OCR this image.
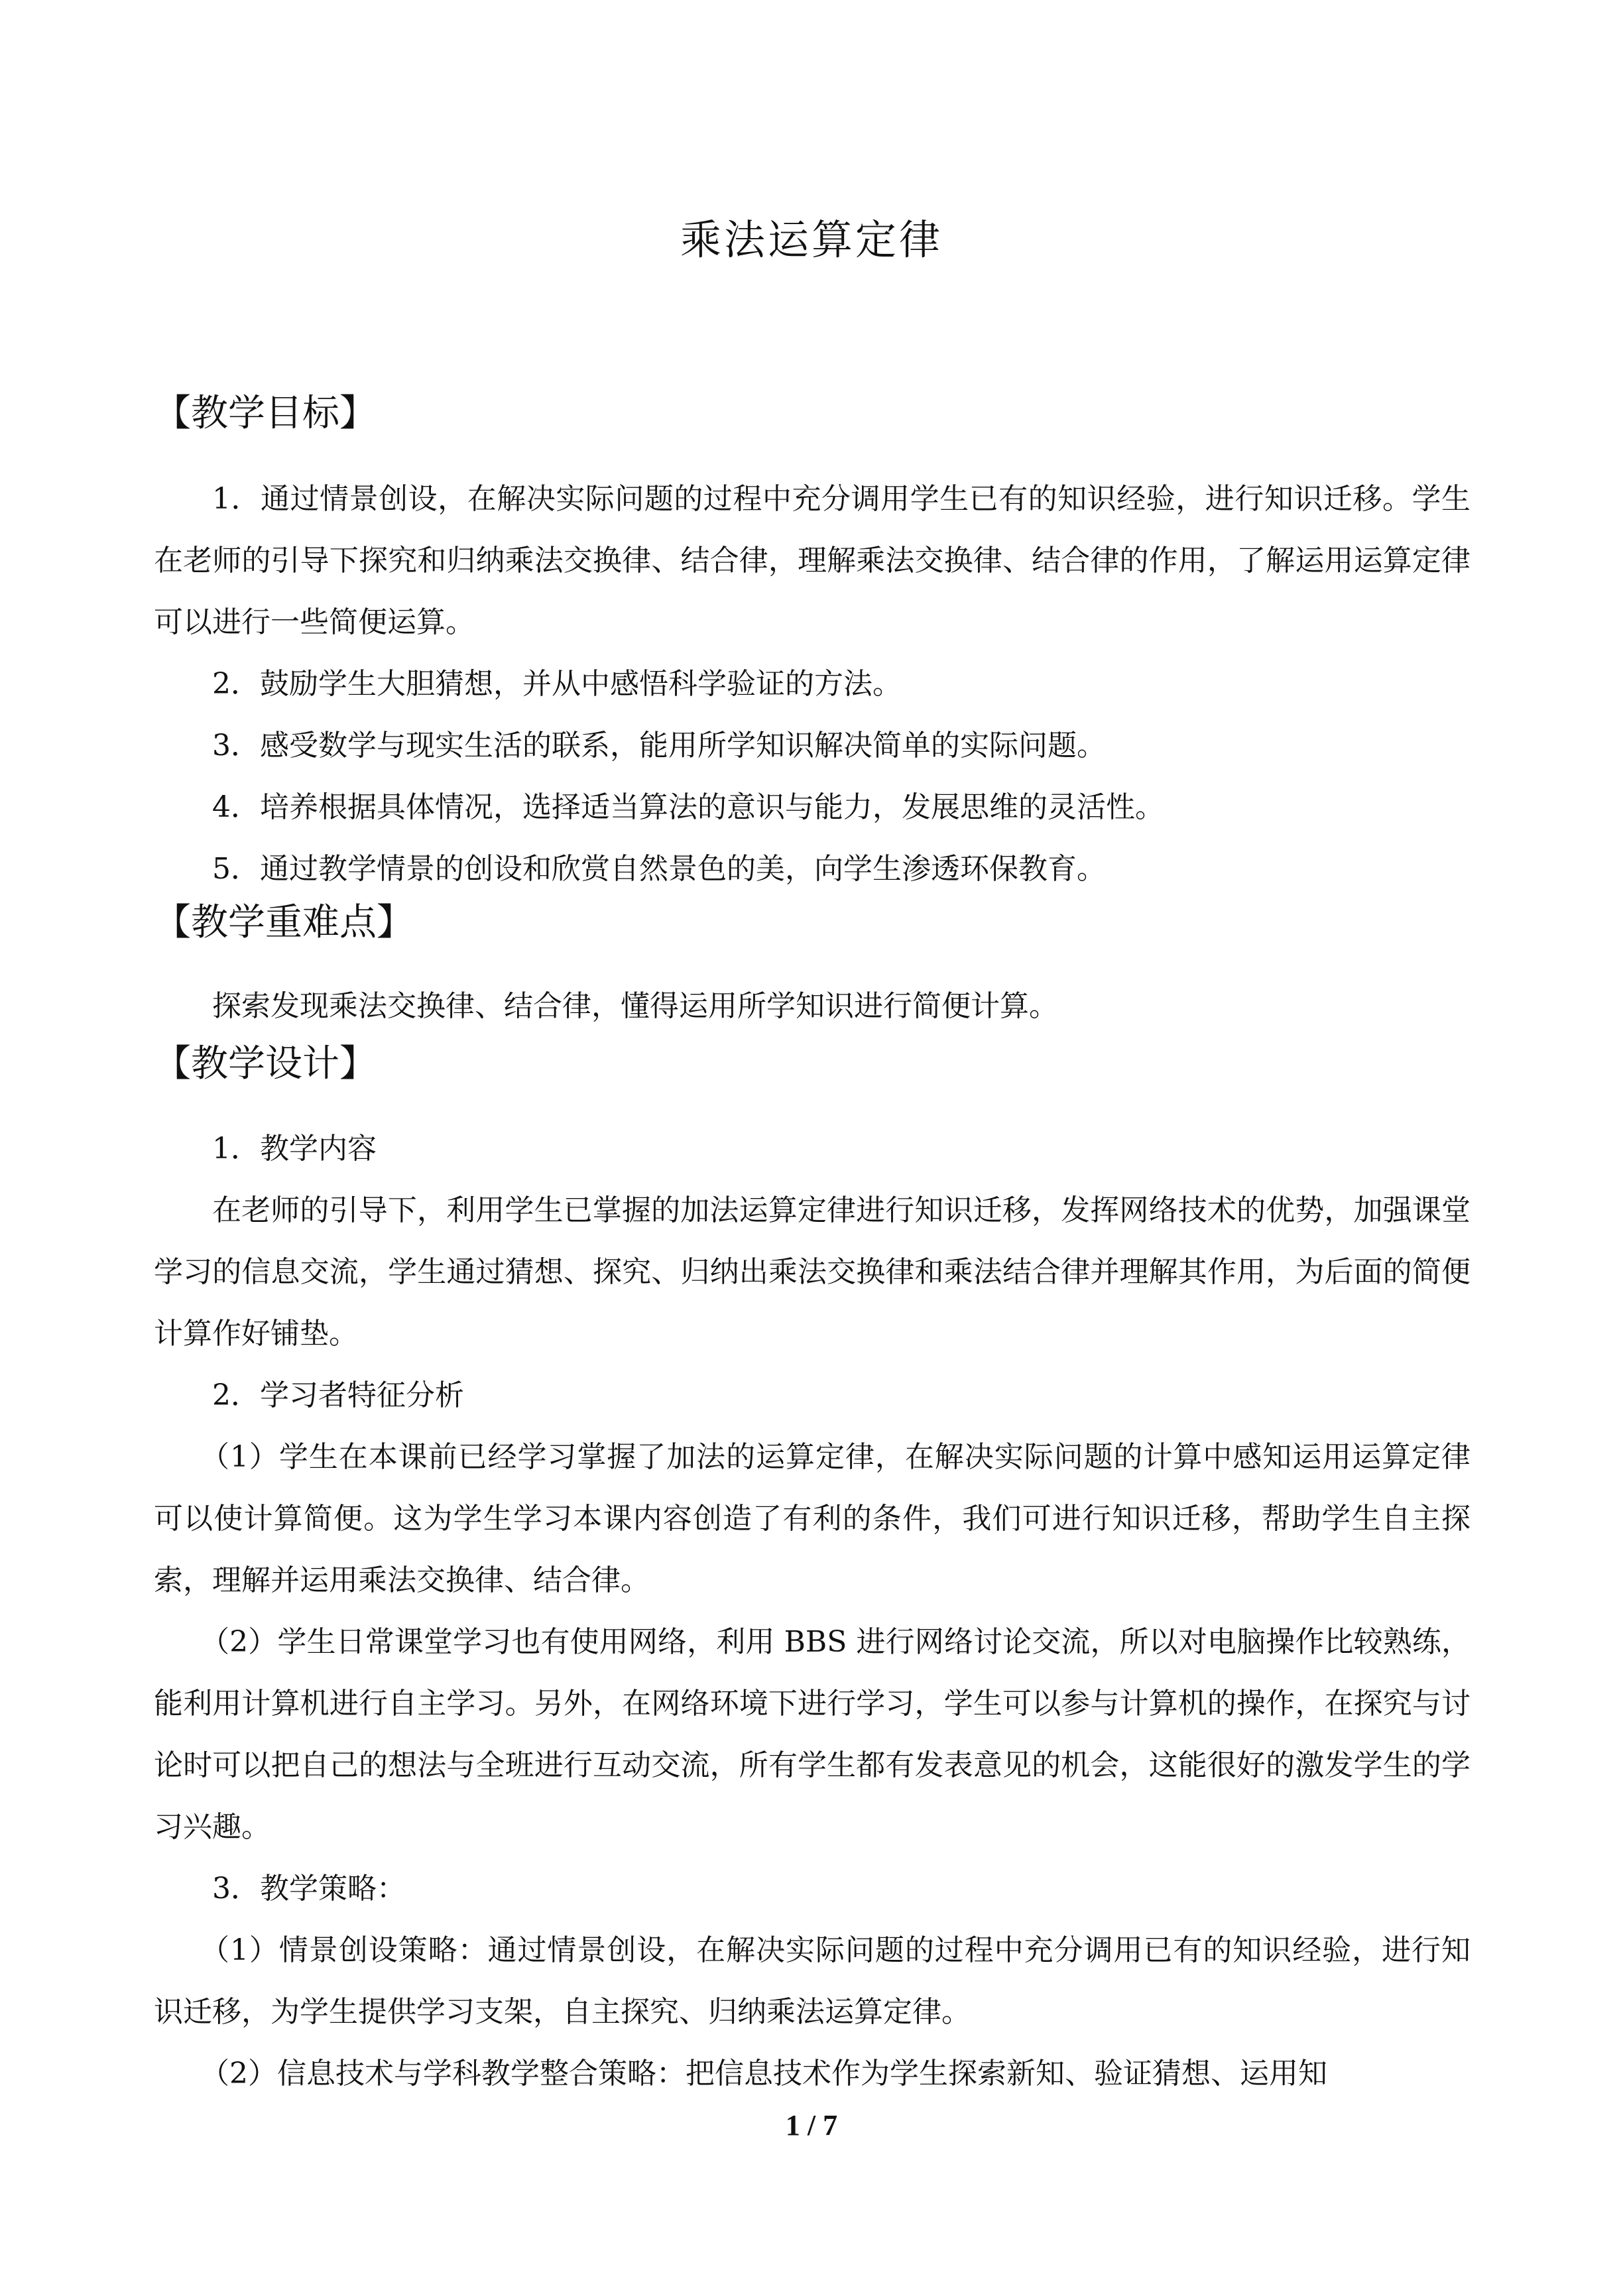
乘法运算定律
【教学目标】

1．通过情景创设，在解决实际问题的过程中充分调用学生已有的知识经验，进行知识迁移。学生在老师的引导下探究和归纳乘法交换律、结合律，理解乘法交换律、结合律的作用，了解运用运算定律可以进行一些简便运算。

2．鼓励学生大胆猜想，并从中感悟科学验证的方法。

3．感受数学与现实生活的联系，能用所学知识解决简单的实际问题。

4．培养根据具体情况，选择适当算法的意识与能力，发展思维的灵活性。

5．通过教学情景的创设和欣赏自然景色的美，向学生渗透环保教育。

【教学重难点】

探索发现乘法交换律、结合律，懂得运用所学知识进行简便计算。

【教学设计】

1．教学内容

在老师的引导下，利用学生已掌握的加法运算定律进行知识迁移，发挥网络技术的优势，加强课堂学习的信息交流，学生通过猜想、探究、归纳出乘法交换律和乘法结合律并理解其作用，为后面的简便计算作好铺垫。

2．学习者特征分析

（1）学生在本课前已经学习掌握了加法的运算定律，在解决实际问题的计算中感知运用运算定律可以使计算简便。这为学生学习本课内容创造了有利的条件，我们可进行知识迁移，帮助学生自主探索，理解并运用乘法交换律、结合律。

（2）学生日常课堂学习也有使用网络，利用 BBS 进行网络讨论交流，所以对电脑操作比较熟练，能利用计算机进行自主学习。另外，在网络环境下进行学习，学生可以参与计算机的操作，在探究与讨论时可以把自己的想法与全班进行互动交流，所有学生都有发表意见的机会，这能很好的激发学生的学习兴趣。

3．教学策略：

（1）情景创设策略：通过情景创设，在解决实际问题的过程中充分调用已有的知识经验，进行知识迁移，为学生提供学习支架，自主探究、归纳乘法运算定律。

（2）信息技术与学科教学整合策略：把信息技术作为学生探索新知、验证猜想、运用知

1 / 7
